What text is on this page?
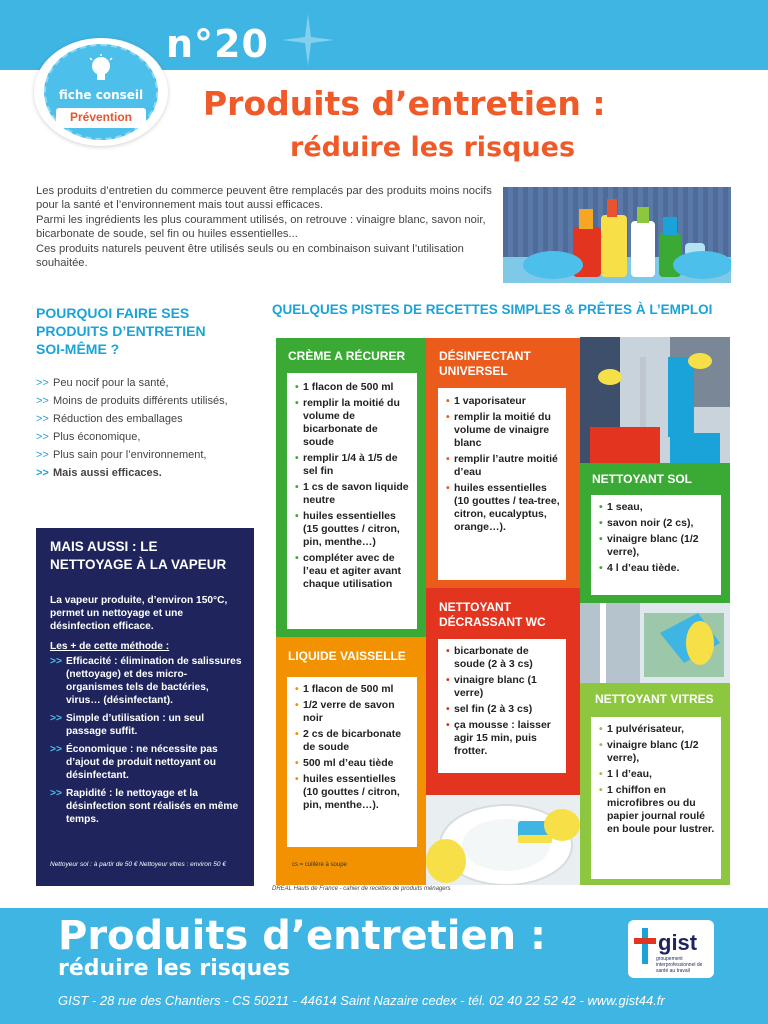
n°20
fiche conseil
Prévention	Produits d’entretien :
réduire les risques

Les produits d’entretien du commerce peuvent être remplacés par des produits moins nocifs pour la santé et l’environnement mais tout aussi efficaces.

Parmi les ingrédients les plus couramment utilisés, on retrouve : vinaigre blanc, savon noir, bicarbonate de soude, sel fin ou huiles essentielles...

Ces produits naturels peuvent être utilisés seuls ou en combinaison suivant l’utilisation souhaitée.

POURQUOI FAIRE SES PRODUITS D’ENTRETIEN SOI-MÊME ?
>> Peu nocif pour la santé,
>> Moins de produits différents utilisés,
>> Réduction des emballages
>> Plus économique,
>> Plus sain pour l’environnement,
>> Mais aussi efficaces.
MAIS AUSSI : LE NETTOYAGE À LA VAPEUR
La vapeur produite, d’environ 150°C, permet un nettoyage et une désinfection efficace.
Les + de cette méthode :
>> Efficacité : élimination de salissures (nettoyage) et des micro-organismes tels de bactéries, virus… (désinfectant).
>> Simple d’utilisation : un seul passage suffit.
>> Économique : ne nécessite pas d’ajout de produit nettoyant ou désinfectant.
>> Rapidité : le nettoyage et la désinfection sont réalisés en même temps.
Nettoyeur sol : à partir de 50 € Nettoyeur vitres : environ 50 €
QUELQUES PISTES DE RECETTES SIMPLES & PRÊTES À L’EMPLOI
CRÈME A RÉCURER
• 1 flacon de 500 ml
• remplir la moitié du volume de bicarbonate de soude
• remplir 1/4 à 1/5 de sel fin
• 1 cs de savon liquide neutre
• huiles essentielles (15 gouttes / citron, pin, menthe…)
• compléter avec de l’eau et agiter avant chaque utilisation
DÉSINFECTANT UNIVERSEL
• 1 vaporisateur
• remplir la moitié du volume de vinaigre blanc
• remplir l’autre moitié d’eau
• huiles essentielles (10 gouttes / tea-tree, citron, eucalyptus, orange…).
NETTOYANT SOL
• 1 seau,
• savon noir (2 cs),
• vinaigre blanc (1/2 verre),
• 4 l d’eau tiède.
NETTOYANT DÉCRASSANT WC
• bicarbonate de soude (2 à 3 cs)
• vinaigre blanc (1 verre)
• sel fin (2 à 3 cs)
• ça mousse : laisser agir 15 min, puis frotter.
LIQUIDE VAISSELLE
• 1 flacon de 500 ml
• 1/2 verre de savon noir
• 2 cs de bicarbonate de soude
• 500 ml d’eau tiède
• huiles essentielles (10 gouttes / citron, pin, menthe…).
cs = cuillère à soupe
NETTOYANT VITRES
• 1 pulvérisateur,
• vinaigre blanc (1/2 verre),
• 1 l d’eau,
• 1 chiffon en microfibres ou du papier journal roulé en boule pour lustrer.
DREAL Hauts de France - cahier de recettes de produits ménagers
Produits d’entretien :
réduire les risques
GIST - 28 rue des Chantiers - CS 50211 - 44614 Saint Nazaire cedex - tél. 02 40 22 52 42 - www.gist44.fr
gist
groupement interprofessionnel de santé au travail
